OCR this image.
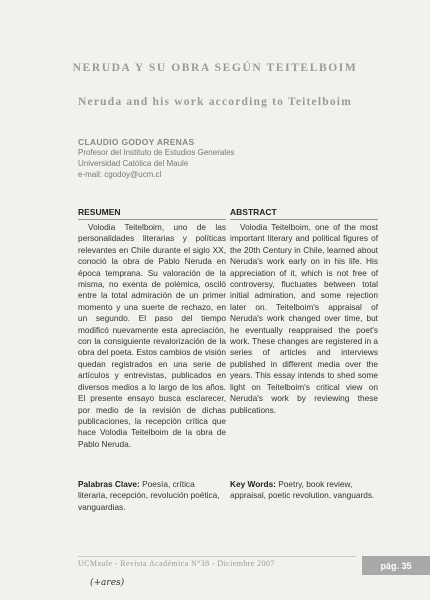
NERUDA Y SU OBRA SEGÚN TEITELBOIM
Neruda and his work according to Teitelboim
CLAUDIO GODOY ARENAS
Profesor del Instituto de Estudios Generales
Universidad Católica del Maule
e-mail: cgodoy@ucm.cl
RESUMEN

Volodia Teitelboim, uno de las personalidades literarias y políticas relevantes en Chile durante el siglo XX, conoció la obra de Pablo Neruda en época temprana. Su valoración de la misma, no exenta de polémica, osciló entre la total admiración de un primer momento y una suerte de rechazo, en un segundo. El paso del tiempo modificó nuevamente esta apreciación, con la consiguiente revalorización de la obra del poeta. Estos cambios de visión quedan registrados en una serie de artículos y entrevistas, publicados en diversos medios a lo largo de los años. El presente ensayo busca esclarecer, por medio de la revisión de dichas publicaciones, la recepción crítica que hace Volodia Teitelboim de la obra de Pablo Neruda.

ABSTRACT

Volodia Teitelboim, one of the most important literary and political figures of the 20th Century in Chile, learned about Neruda's work early on in his life. His appreciation of it, which is not free of controversy, fluctuates between total initial admiration, and some rejection later on. Teitelboim's appraisal of Neruda's work changed over time, but he eventually reappraised the poet's work. These changes are registered in a series of articles and interviews published in different media over the years. This essay intends to shed some light on Teitelboim's critical view on Neruda's work by reviewing these publications.

Palabras Clave: Poesía, crítica literaria, recepción, revolución poética, vanguardias.
Key Words: Poetry, book review, appraisal, poetic revolution, vanguards.
UCMaule - Revista Académica N°38 - Diciembre 2007	pág. 35
(+ares)
